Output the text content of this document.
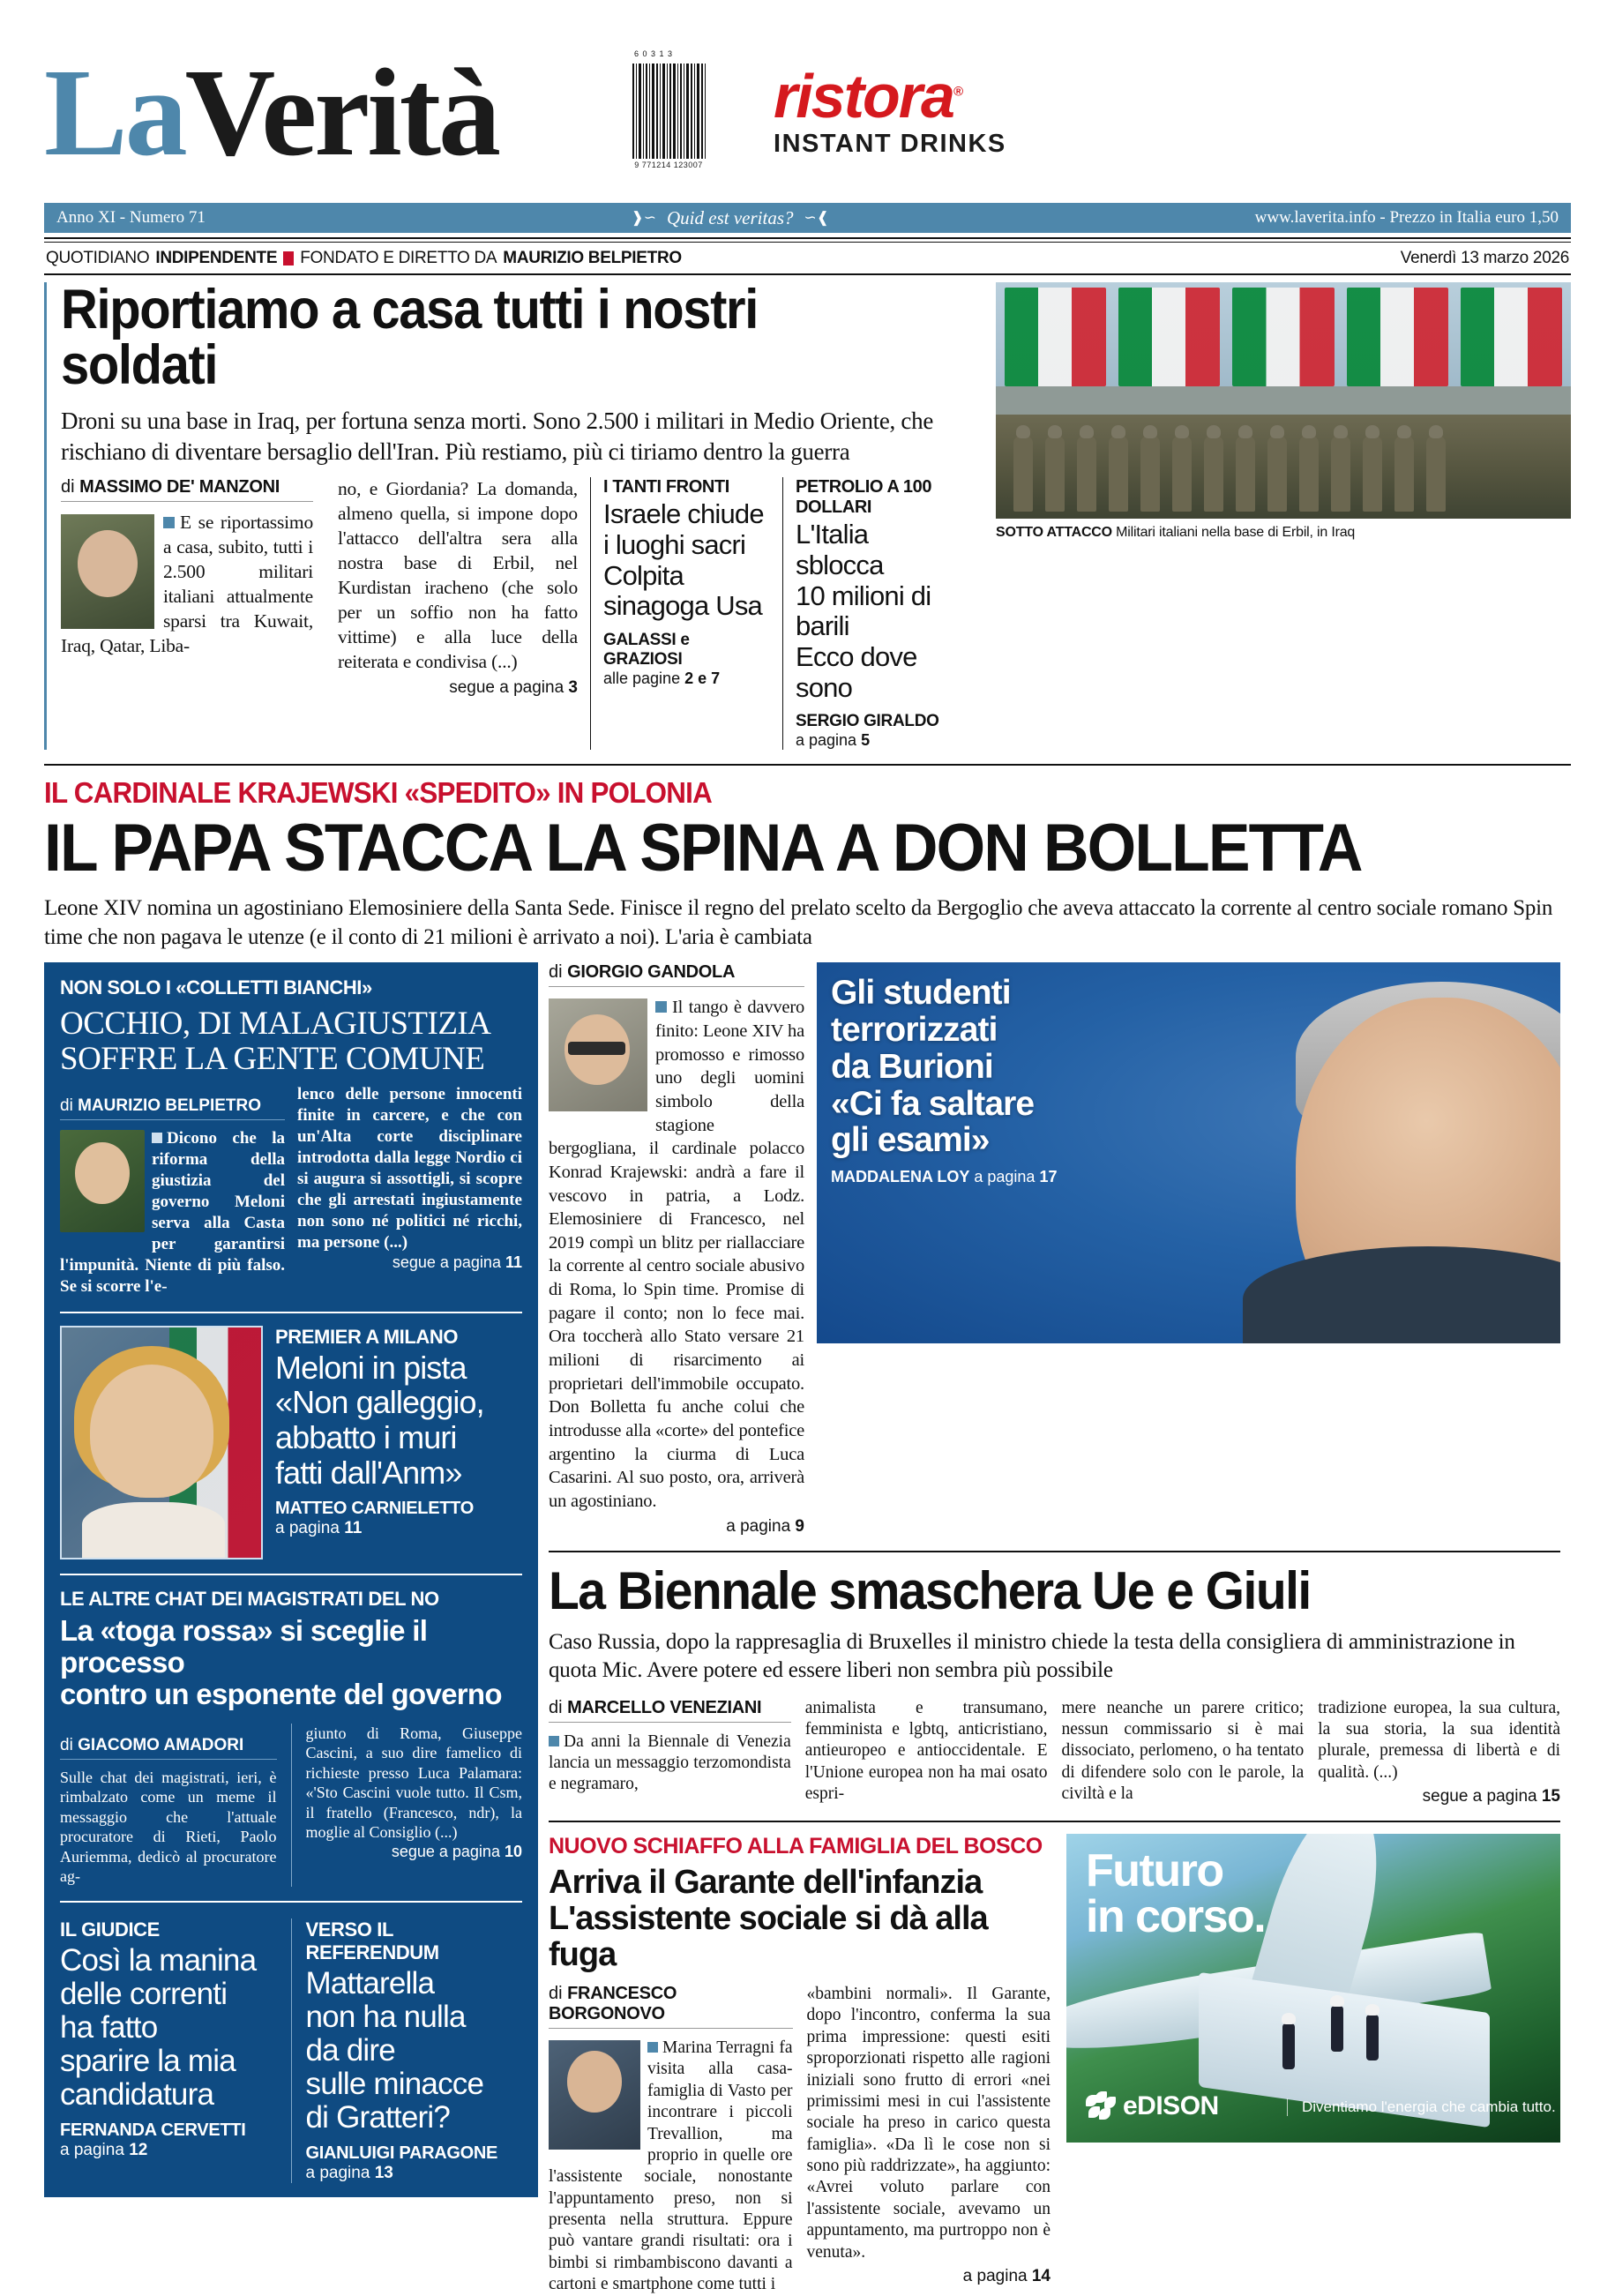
LaVerità	6 0 3 1 3
9 771214 123007
ristora®
INSTANT DRINKS
Anno XI - Numero 71	❱∽ Quid est veritas? ∽❰	www.laverita.info - Prezzo in Italia euro 1,50
QUOTIDIANO INDIPENDENTE FONDATO E DIRETTO DA MAURIZIO BELPIETRO	Venerdì 13 marzo 2026
Riportiamo a casa tutti i nostri soldati
Droni su una base in Iraq, per fortuna senza morti. Sono 2.500 i militari in Medio Oriente, che rischiano di diventare bersaglio dell'Iran. Più restiamo, più ci tiriamo dentro la guerra
di MASSIMO DE' MANZONI
E se riportassimo a casa, subito, tutti i 2.500 militari italiani attualmente sparsi tra Kuwait, Iraq, Qatar, Liba-
no, e Giordania? La domanda, almeno quella, si impone dopo l'attacco dell'altra sera alla nostra base di Erbil, nel Kurdistan iracheno (che solo per un soffio non ha fatto vittime) e alla luce della reiterata e condivisa (...)
segue a pagina 3
I TANTI FRONTI
Israele chiude
i luoghi sacri
Colpita sinagoga Usa
GALASSI e GRAZIOSI
alle pagine 2 e 7
PETROLIO A 100 DOLLARI
L'Italia sblocca
10 milioni di barili
Ecco dove sono
SERGIO GIRALDO
a pagina 5
SOTTO ATTACCO Militari italiani nella base di Erbil, in Iraq
IL CARDINALE KRAJEWSKI «SPEDITO» IN POLONIA
IL PAPA STACCA LA SPINA A DON BOLLETTA
Leone XIV nomina un agostiniano Elemosiniere della Santa Sede. Finisce il regno del prelato scelto da Bergoglio che aveva attaccato la corrente al centro sociale romano Spin time che non pagava le utenze (e il conto di 21 milioni è arrivato a noi). L'aria è cambiata
NON SOLO I «COLLETTI BIANCHI»
OCCHIO, DI MALAGIUSTIZIA
SOFFRE LA GENTE COMUNE
di MAURIZIO BELPIETRO
Dicono che la riforma della giustizia del governo Meloni serva alla Casta per garantirsi l'impunità. Niente di più falso. Se si scorre l'e-
lenco delle persone innocenti finite in carcere, e che con un'Alta corte disciplinare introdotta dalla legge Nordio ci si augura si assottigli, si scopre che gli arrestati ingiustamente non sono né politici né ricchi, ma persone (...)
segue a pagina 11
PREMIER A MILANO
Meloni in pista
«Non galleggio,
abbatto i muri
fatti dall'Anm»
MATTEO CARNIELETTO
a pagina 11
LE ALTRE CHAT DEI MAGISTRATI DEL NO
La «toga rossa» si sceglie il processo
contro un esponente del governo
di GIACOMO AMADORI
Sulle chat dei magistrati, ieri, è rimbalzato come un meme il messaggio che l'attuale procuratore di Rieti, Paolo Auriemma, dedicò al procuratore ag-
giunto di Roma, Giuseppe Cascini, a suo dire famelico di richieste presso Luca Palamara: «'Sto Cascini vuole tutto. Il Csm, il fratello (Francesco, ndr), la moglie al Consiglio (...)
segue a pagina 10
IL GIUDICE
Così la manina
delle correnti
ha fatto
sparire la mia
candidatura
FERNANDA CERVETTI
a pagina 12
VERSO IL REFERENDUM
Mattarella
non ha nulla
da dire
sulle minacce
di Gratteri?
GIANLUIGI PARAGONE
a pagina 13
di GIORGIO GANDOLA
Il tango è davvero finito: Leone XIV ha promosso e rimosso uno degli uomini simbolo della stagione bergogliana, il cardinale polacco Konrad Krajewski: andrà a fare il vescovo in patria, a Lodz. Elemosiniere di Francesco, nel 2019 compì un blitz per riallacciare la corrente al centro sociale abusivo di Roma, lo Spin time. Promise di pagare il conto; non lo fece mai. Ora toccherà allo Stato versare 21 milioni di risarcimento ai proprietari dell'immobile occupato. Don Bolletta fu anche colui che introdusse alla «corte» del pontefice argentino la ciurma di Luca Casarini. Al suo posto, ora, arriverà un agostiniano.
a pagina 9
Gli studenti
terrorizzati
da Burioni
«Ci fa saltare
gli esami»
MADDALENA LOY a pagina 17
La Biennale smaschera Ue e Giuli
Caso Russia, dopo la rappresaglia di Bruxelles il ministro chiede la testa della consigliera di amministrazione in quota Mic. Avere potere ed essere liberi non sembra più possibile
di MARCELLO VENEZIANI
Da anni la Biennale di Venezia lancia un messaggio terzomondista e negramaro,
animalista e transumano, femminista e lgbtq, anticristiano, antieuropeo e antioccidentale. E l'Unione europea non ha mai osato espri-
mere neanche un parere critico; nessun commissario si è mai dissociato, perlomeno, o ha tentato di difendere solo con le parole, la civiltà e la
tradizione europea, la sua cultura, la sua storia, la sua identità plurale, premessa di libertà e di qualità. (...)
segue a pagina 15
NUOVO SCHIAFFO ALLA FAMIGLIA DEL BOSCO
Arriva il Garante dell'infanzia
L'assistente sociale si dà alla fuga
di FRANCESCO BORGONOVO
Marina Terragni fa visita alla casa-famiglia di Vasto per incontrare i piccoli Trevallion, ma proprio in quelle ore l'assistente sociale, nonostante l'appuntamento preso, non si presenta nella struttura. Eppure può vantare grandi risultati: ora i bimbi si rimbambiscono davanti a cartoni e smartphone come tutti i
«bambini normali». Il Garante, dopo l'incontro, conferma la sua prima impressione: questi esiti sproporzionati rispetto alle ragioni iniziali sono frutto di errori «nei primissimi mesi in cui l'assistente sociale ha preso in carico questa famiglia». «Da lì le cose non si sono più raddrizzate», ha aggiunto: «Avrei voluto parlare con l'assistente sociale, avevamo un appuntamento, ma purtroppo non è venuta».
a pagina 14
Futuro
in corso.
eDISON	Diventiamo l'energia che cambia tutto.
